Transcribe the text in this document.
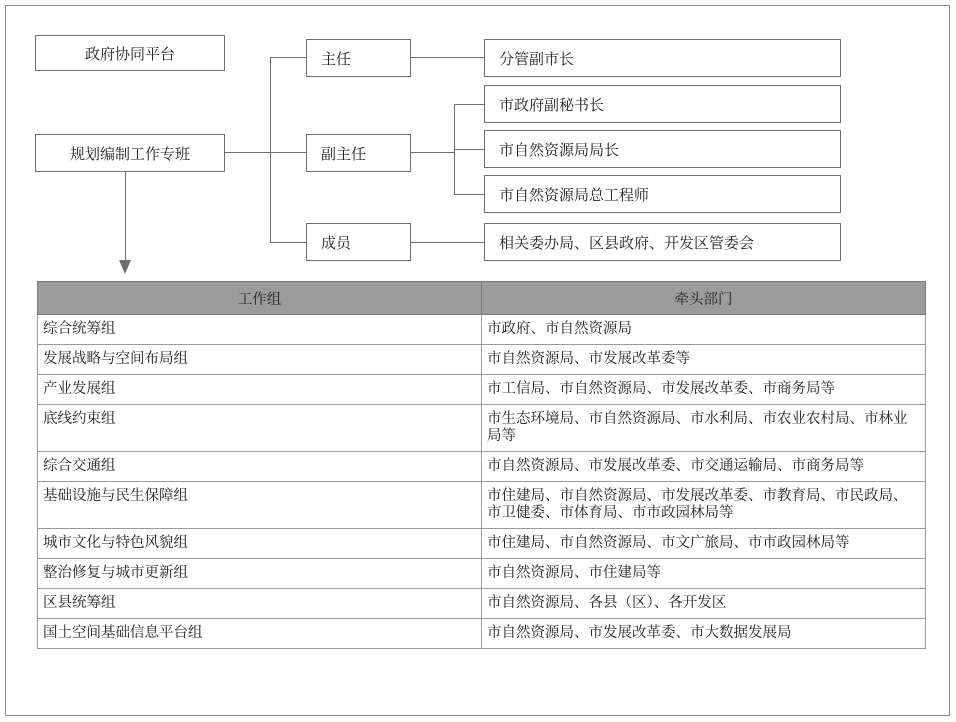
政府协同平台
规划编制工作专班
主任
副主任
成员
分管副市长
市政府副秘书长
市自然资源局局长
市自然资源局总工程师
相关委办局、区县政府、开发区管委会
工作组	牵头部门
综合统筹组	市政府、市自然资源局
发展战略与空间布局组	市自然资源局、市发展改革委等
产业发展组	市工信局、市自然资源局、市发展改革委、市商务局等
底线约束组	市生态环境局、市自然资源局、市水利局、市农业农村局、市林业局等
综合交通组	市自然资源局、市发展改革委、市交通运输局、市商务局等
基础设施与民生保障组	市住建局、市自然资源局、市发展改革委、市教育局、市民政局、市卫健委、市体育局、市市政园林局等
城市文化与特色风貌组	市住建局、市自然资源局、市文广旅局、市市政园林局等
整治修复与城市更新组	市自然资源局、市住建局等
区县统筹组	市自然资源局、各县（区）、各开发区
国土空间基础信息平台组	市自然资源局、市发展改革委、市大数据发展局
